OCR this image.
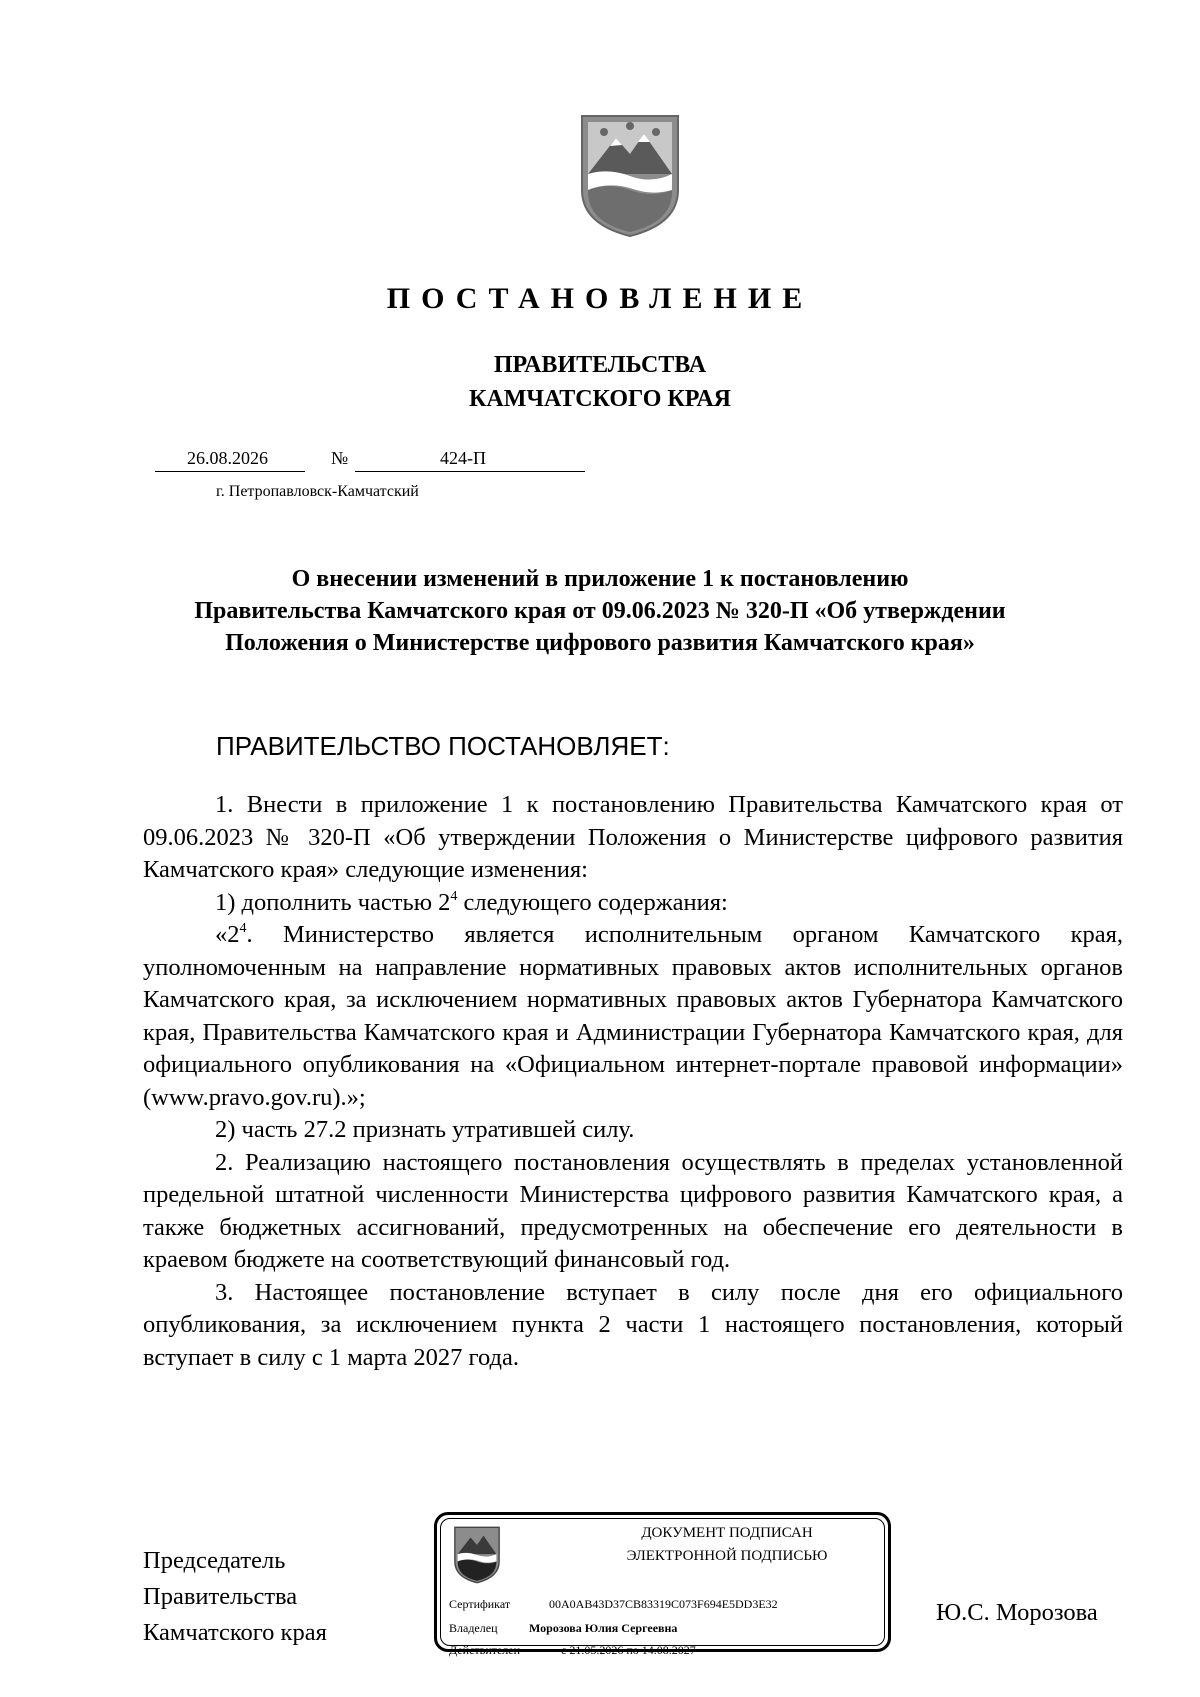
ПОСТАНОВЛЕНИЕ
ПРАВИТЕЛЬСТВА
КАМЧАТСКОГО КРАЯ
26.08.2026	№	424-П
г. Петропавловск-Камчатский
О внесении изменений в приложение 1 к постановлению
Правительства Камчатского края от 09.06.2023 № 320-П «Об утверждении
Положения о Министерстве цифрового развития Камчатского края»
ПРАВИТЕЛЬСТВО ПОСТАНОВЛЯЕТ:

1. Внести в приложение 1 к постановлению Правительства Камчатского края от 09.06.2023 № 320-П «Об утверждении Положения о Министерстве цифрового развития Камчатского края» следующие изменения:

1) дополнить частью $2^4$ следующего содержания:

«$2^4$. Министерство является исполнительным органом Камчатского края, уполномоченным на направление нормативных правовых актов исполнительных органов Камчатского края, за исключением нормативных правовых актов Губернатора Камчатского края, Правительства Камчатского края и Администрации Губернатора Камчатского края, для официального опубликования на «Официальном интернет-портале правовой информации» (www.pravo.gov.ru).»;

2) часть 27.2 признать утратившей силу.

2. Реализацию настоящего постановления осуществлять в пределах установленной предельной штатной численности Министерства цифрового развития Камчатского края, а также бюджетных ассигнований, предусмотренных на обеспечение его деятельности в краевом бюджете на соответствующий финансовый год.

3. Настоящее постановление вступает в силу после дня его официального опубликования, за исключением пункта 2 части 1 настоящего постановления, который вступает в силу с 1 марта 2027 года.

Председатель
Правительства
Камчатского края
ДОКУМЕНТ ПОДПИСАН
ЭЛЕКТРОННОЙ ПОДПИСЬЮ
Сертификат	00A0AB43D37CB83319C073F694E5DD3E32
Владелец	Морозова Юлия Сергеевна
Действителен	с 21.05.2026 по 14.08.2027
Ю.С. Морозова
